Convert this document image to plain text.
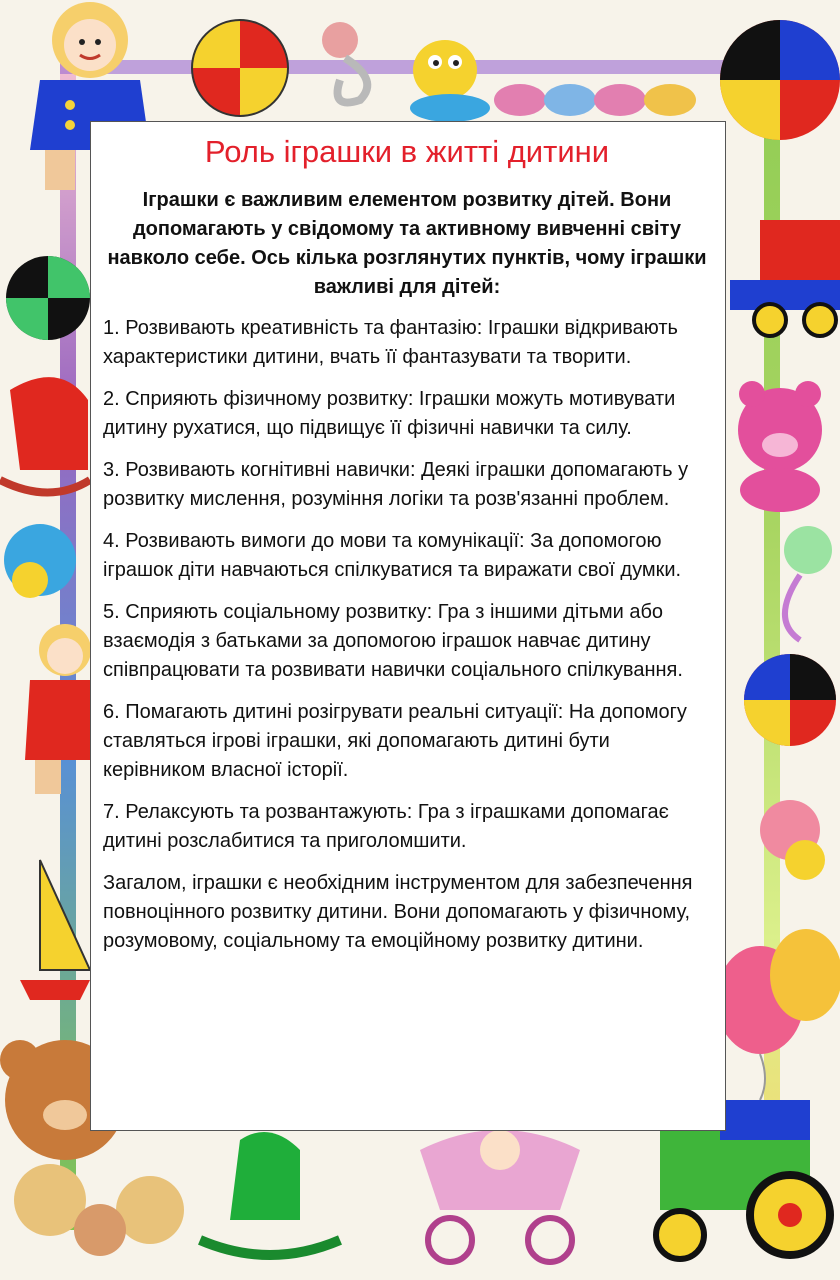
Роль іграшки в житті дитини

Іграшки є важливим елементом розвитку дітей. Вони допомагають у свідомому та активному вивченні світу навколо себе. Ось кілька розглянутих пунктів, чому іграшки важливі для дітей:

1. Розвивають креативність та фантазію: Іграшки відкривають характеристики дитини, вчать її фантазувати та творити.

2. Сприяють фізичному розвитку: Іграшки можуть мотивувати дитину рухатися, що підвищує її фізичні навички та силу.

3. Розвивають когнітивні навички: Деякі іграшки допомагають у розвитку мислення, розуміння логіки та розв'язанні проблем.

4. Розвивають вимоги до мови та комунікації: За допомогою іграшок діти навчаються спілкуватися та виражати свої думки.

5. Сприяють соціальному розвитку: Гра з іншими дітьми або взаємодія з батьками за допомогою іграшок навчає дитину співпрацювати та розвивати навички соціального спілкування.

6. Помагають дитині розігрувати реальні ситуації: На допомогу ставляться ігрові іграшки, які допомагають дитині бути керівником власної історії.

7. Релаксують та розвантажують: Гра з іграшками допомагає дитині розслабитися та приголомшити.

Загалом, іграшки є необхідним інструментом для забезпечення повноцінного розвитку дитини. Вони допомагають у фізичному, розумовому, соціальному та емоційному розвитку дитини.
